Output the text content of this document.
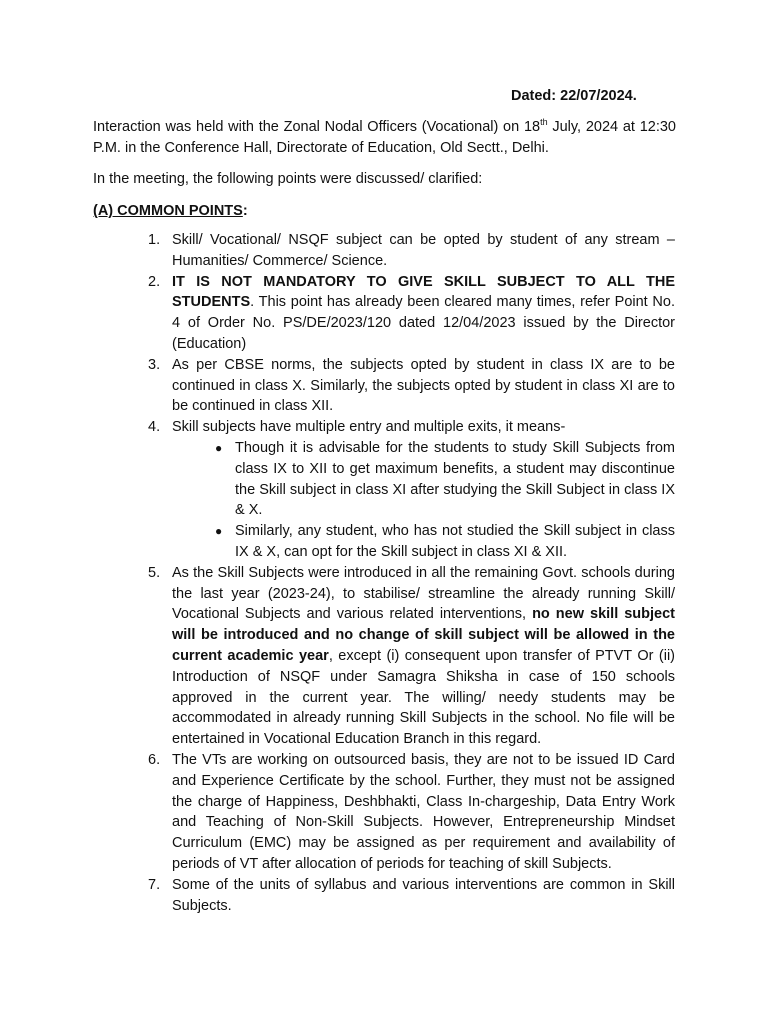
Dated: 22/07/2024.
Interaction was held with the Zonal Nodal Officers (Vocational) on 18th July, 2024 at 12:30 P.M. in the Conference Hall, Directorate of Education, Old Sectt., Delhi.
In the meeting, the following points were discussed/ clarified:
(A) COMMON POINTS:
1. Skill/ Vocational/ NSQF subject can be opted by student of any stream – Humanities/ Commerce/ Science.
2. IT IS NOT MANDATORY TO GIVE SKILL SUBJECT TO ALL THE STUDENTS. This point has already been cleared many times, refer Point No. 4 of Order No. PS/DE/2023/120 dated 12/04/2023 issued by the Director (Education)
3. As per CBSE norms, the subjects opted by student in class IX are to be continued in class X. Similarly, the subjects opted by student in class XI are to be continued in class XII.
4. Skill subjects have multiple entry and multiple exits, it means-
● Though it is advisable for the students to study Skill Subjects from class IX to XII to get maximum benefits, a student may discontinue the Skill subject in class XI after studying the Skill Subject in class IX & X.
● Similarly, any student, who has not studied the Skill subject in class IX & X, can opt for the Skill subject in class XI & XII.
5. As the Skill Subjects were introduced in all the remaining Govt. schools during the last year (2023-24), to stabilise/ streamline the already running Skill/ Vocational Subjects and various related interventions, no new skill subject will be introduced and no change of skill subject will be allowed in the current academic year, except (i) consequent upon transfer of PTVT Or (ii) Introduction of NSQF under Samagra Shiksha in case of 150 schools approved in the current year. The willing/ needy students may be accommodated in already running Skill Subjects in the school. No file will be entertained in Vocational Education Branch in this regard.
6. The VTs are working on outsourced basis, they are not to be issued ID Card and Experience Certificate by the school. Further, they must not be assigned the charge of Happiness, Deshbhakti, Class In-chargeship, Data Entry Work and Teaching of Non-Skill Subjects. However, Entrepreneurship Mindset Curriculum (EMC) may be assigned as per requirement and availability of periods of VT after allocation of periods for teaching of skill Subjects.
7. Some of the units of syllabus and various interventions are common in Skill Subjects.
